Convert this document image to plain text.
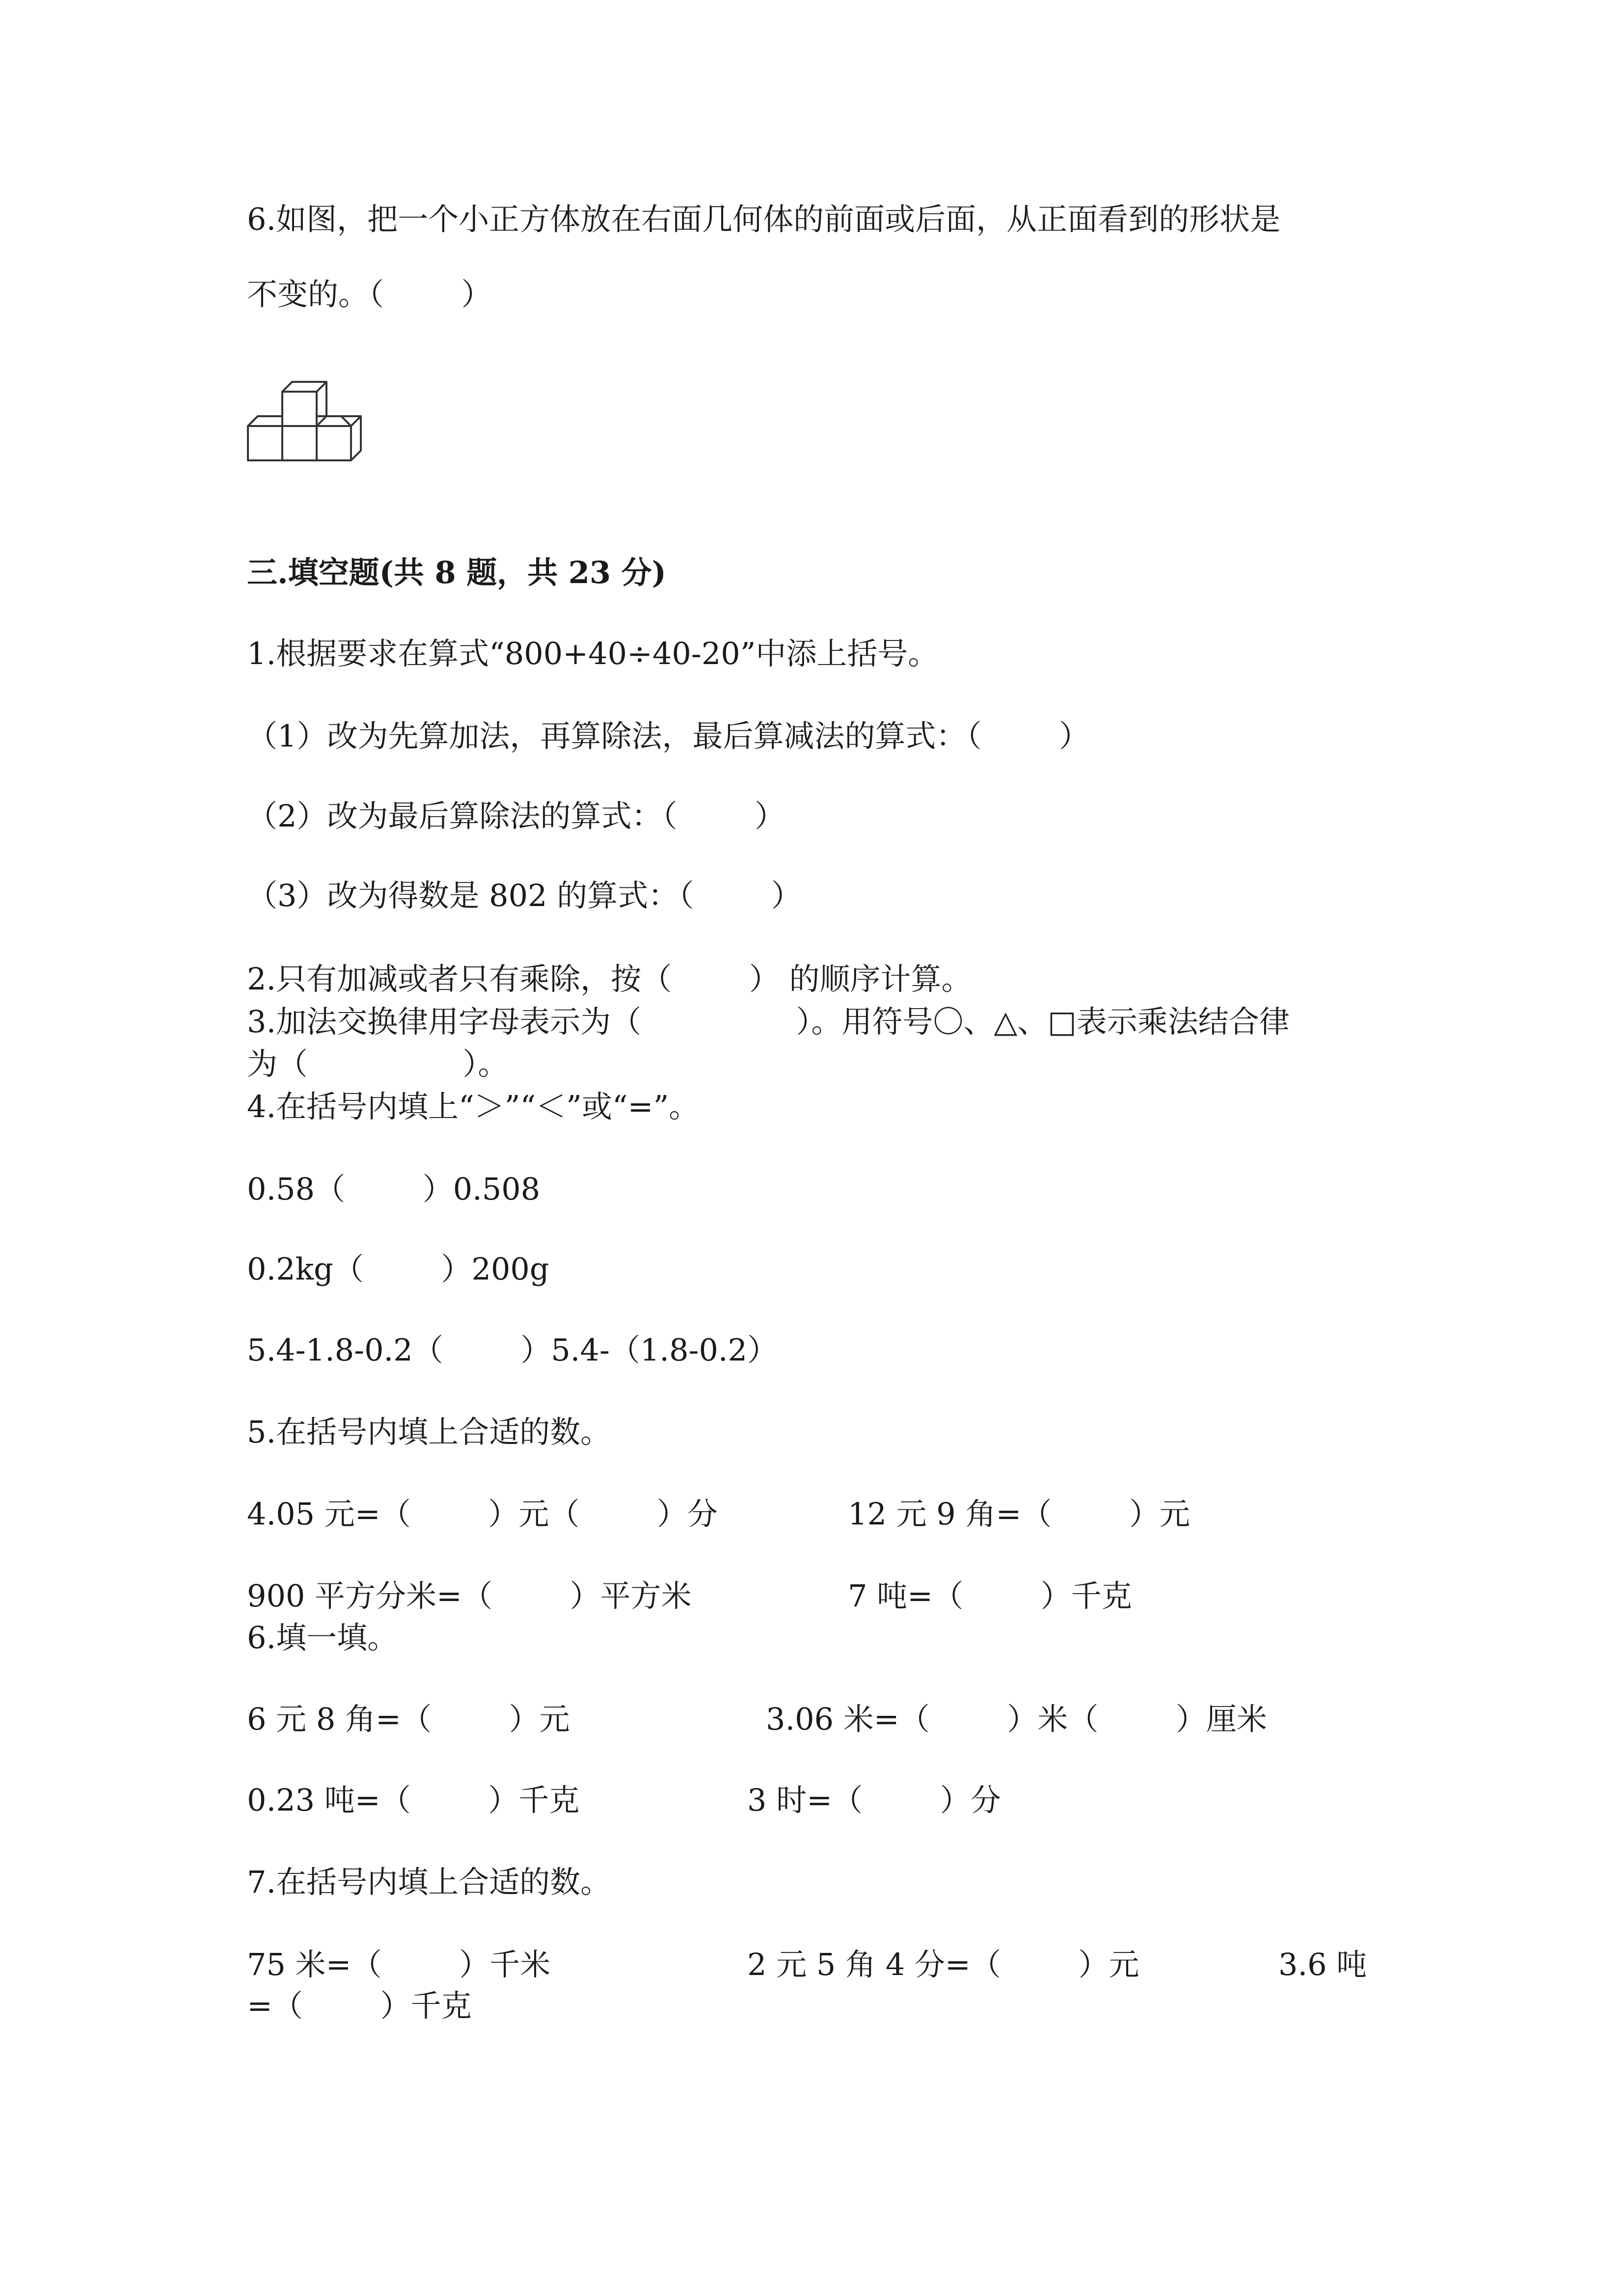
6.如图，把一个小正方体放在右面几何体的前面或后面，从正面看到的形状是
不变的。（        ）
三.填空题(共 8 题，共 23 分)
1.根据要求在算式“800+40÷40-20”中添上括号。
（1）改为先算加法，再算除法，最后算减法的算式：（        ）
（2）改为最后算除法的算式：（        ）
（3）改为得数是 802 的算式：（        ）
2.只有加减或者只有乘除，按（        ） 的顺序计算。
3.加法交换律用字母表示为（                ）。用符号〇、△、□表示乘法结合律
为（                ）。
4.在括号内填上“＞”“＜”或“=”。
0.58（        ）0.508
0.2kg（        ）200g
5.4-1.8-0.2（        ）5.4-（1.8-0.2）
5.在括号内填上合适的数。
4.05 元=（        ）元（        ）分	12 元 9 角=（        ）元
900 平方分米=（        ）平方米	7 吨=（        ）千克
6.填一填。
6 元 8 角=（        ）元	3.06 米=（        ）米（        ）厘米
0.23 吨=（        ）千克	3 时=（        ）分
7.在括号内填上合适的数。
75 米=（        ）千米	2 元 5 角 4 分=（        ）元	3.6 吨
=（        ）千克
